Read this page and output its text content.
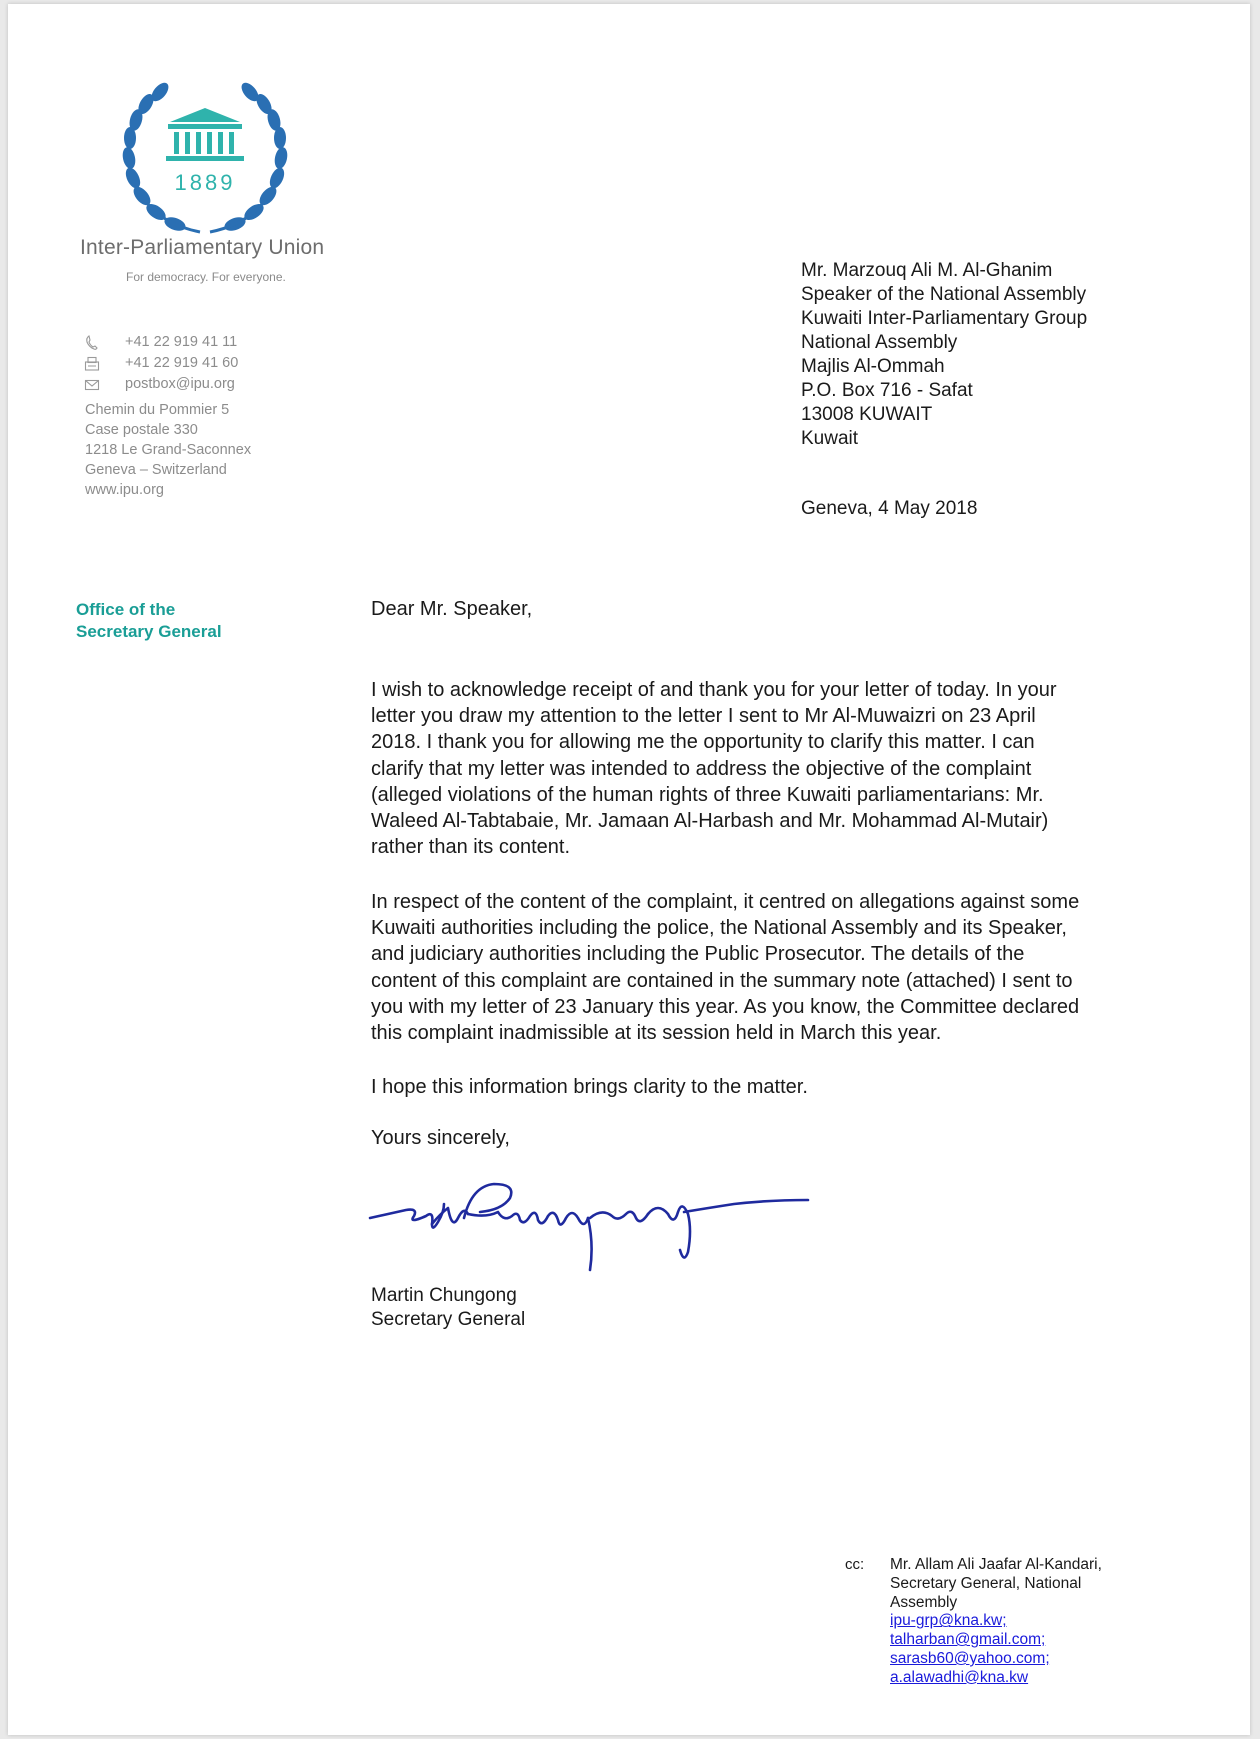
1889
Inter-Parliamentary Union
For democracy. For everyone.
+41 22 919 41 11
+41 22 919 41 60
postbox@ipu.org
Chemin du Pommier 5
Case postale 330
1218 Le Grand-Saconnex
Geneva – Switzerland
www.ipu.org
Office of the
Secretary General
Mr. Marzouq Ali M. Al-Ghanim
Speaker of the National Assembly
Kuwaiti Inter-Parliamentary Group
National Assembly
Majlis Al-Ommah
P.O. Box 716 - Safat
13008 KUWAIT
Kuwait
Geneva, 4 May 2018
Dear Mr. Speaker,
I wish to acknowledge receipt of and thank you for your letter of today. In your
letter you draw my attention to the letter I sent to Mr Al-Muwaizri on 23 April
2018. I thank you for allowing me the opportunity to clarify this matter. I can
clarify that my letter was intended to address the objective of the complaint
(alleged violations of the human rights of three Kuwaiti parliamentarians: Mr.
Waleed Al-Tabtabaie, Mr. Jamaan Al-Harbash and Mr. Mohammad Al-Mutair)
rather than its content.
In respect of the content of the complaint, it centred on allegations against some
Kuwaiti authorities including the police, the National Assembly and its Speaker,
and judiciary authorities including the Public Prosecutor. The details of the
content of this complaint are contained in the summary note (attached) I sent to
you with my letter of 23 January this year. As you know, the Committee declared
this complaint inadmissible at its session held in March this year.
I hope this information brings clarity to the matter.
Yours sincerely,
Martin Chungong
Secretary General
cc: Mr. Allam Ali Jaafar Al-Kandari,
Secretary General, National
Assembly
ipu-grp@kna.kw;
talharban@gmail.com;
sarasb60@yahoo.com;
a.alawadhi@kna.kw
